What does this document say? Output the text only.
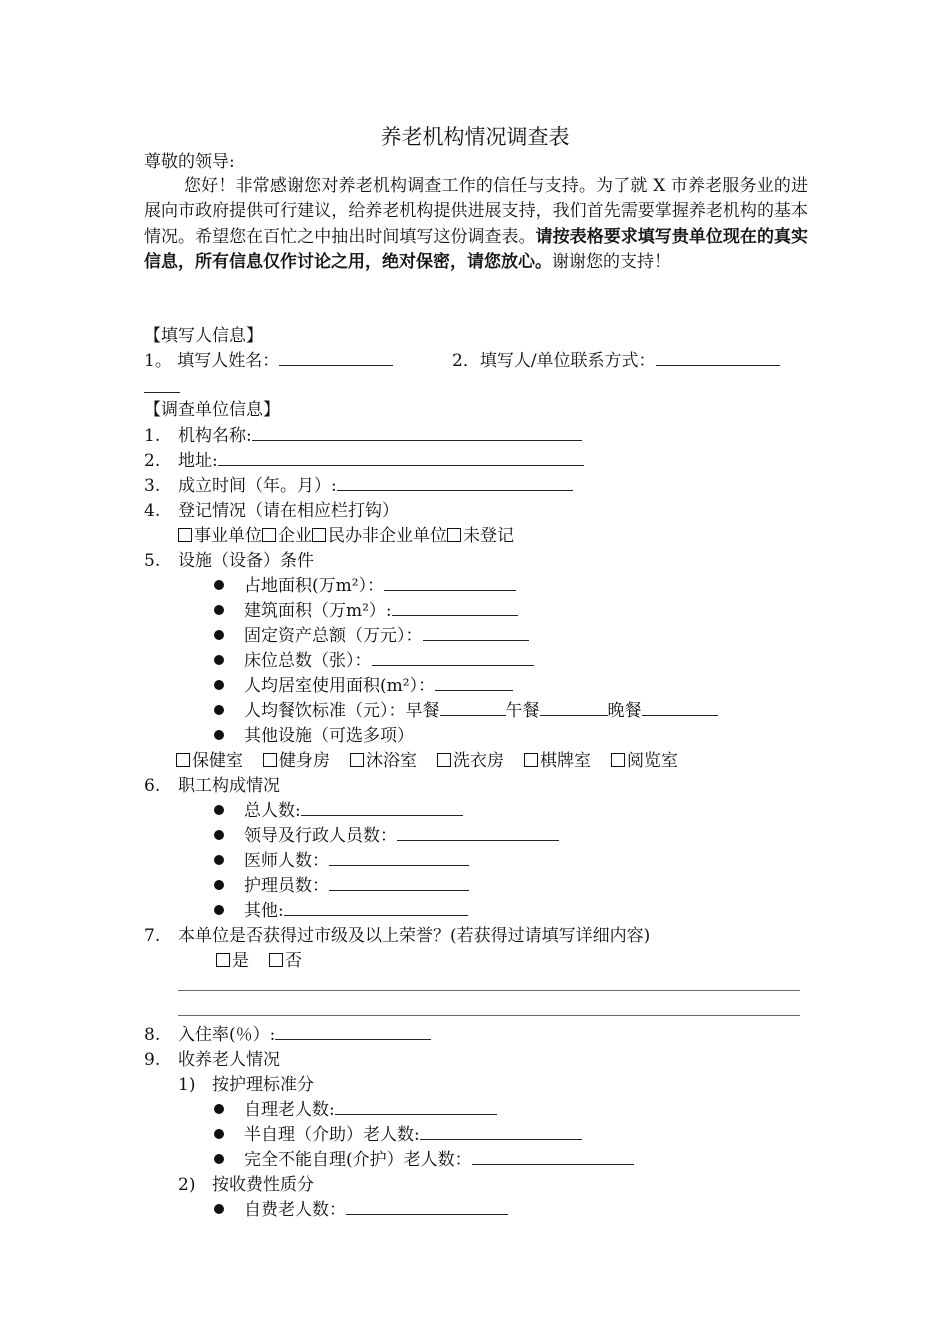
养老机构情况调查表
尊敬的领导:
您好！非常感谢您对养老机构调查工作的信任与支持。为了就 X 市养老服务业的进展向市政府提供可行建议，给养老机构提供进展支持，我们首先需要掌握养老机构的基本情况。希望您在百忙之中抽出时间填写这份调查表。请按表格要求填写贵单位现在的真实信息，所有信息仅作讨论之用，绝对保密，请您放心。谢谢您的支持！
【填写人信息】
1。 填写人姓名：	2．填写人/单位联系方式：
【调查单位信息】
1. 机构名称:
2. 地址:
3. 成立时间（年。月）:
4. 登记情况（请在相应栏打钩）
事业单位 企业 民办非企业单位 未登记
5. 设施（设备）条件
占地面积(万m²）：
建筑面积（万m²）:
固定资产总额（万元）：
床位总数（张）：
人均居室使用面积(m²）：
人均餐饮标准（元）：早餐	午餐	晚餐
其他设施（可选多项）
保健室 健身房 沐浴室 洗衣房 棋牌室 阅览室
6. 职工构成情况
总人数:
领导及行政人员数：
医师人数：
护理员数：
其他:
7. 本单位是否获得过市级及以上荣誉？(若获得过请填写详细内容)
是 否
8. 入住率(％）:
9. 收养老人情况
1) 按护理标准分
自理老人数:
半自理（介助）老人数:
完全不能自理(介护）老人数：
2) 按收费性质分
自费老人数：
